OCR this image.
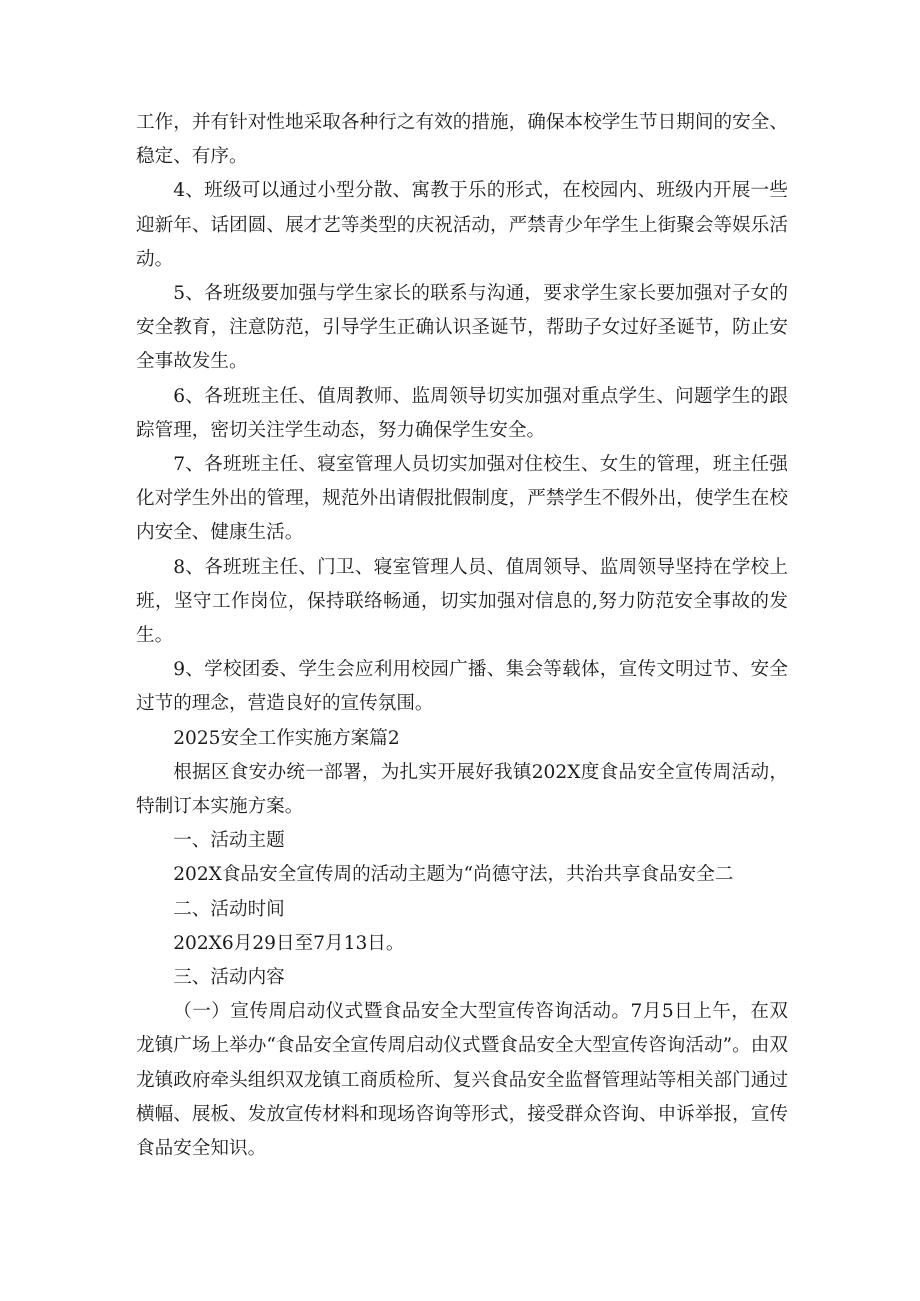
工作，并有针对性地采取各种行之有效的措施，确保本校学生节日期间的安全、稳定、有序。

4、班级可以通过小型分散、寓教于乐的形式，在校园内、班级内开展一些迎新年、话团圆、展才艺等类型的庆祝活动，严禁青少年学生上街聚会等娱乐活动。

5、各班级要加强与学生家长的联系与沟通，要求学生家长要加强对子女的安全教育，注意防范，引导学生正确认识圣诞节，帮助子女过好圣诞节，防止安全事故发生。

6、各班班主任、值周教师、监周领导切实加强对重点学生、问题学生的跟踪管理，密切关注学生动态，努力确保学生安全。

7、各班班主任、寝室管理人员切实加强对住校生、女生的管理，班主任强化对学生外出的管理，规范外出请假批假制度，严禁学生不假外出，使学生在校内安全、健康生活。

8、各班班主任、门卫、寝室管理人员、值周领导、监周领导坚持在学校上班，坚守工作岗位，保持联络畅通，切实加强对信息的,努力防范安全事故的发生。

9、学校团委、学生会应利用校园广播、集会等载体，宣传文明过节、安全过节的理念，营造良好的宣传氛围。

2025安全工作实施方案篇2

根据区食安办统一部署，为扎实开展好我镇202X度食品安全宣传周活动，特制订本实施方案。

一、活动主题

202X食品安全宣传周的活动主题为“尚德守法，共治共享食品安全二

二、活动时间

202X6月29日至7月13日。

三、活动内容

（一）宣传周启动仪式暨食品安全大型宣传咨询活动。7月5日上午，在双龙镇广场上举办“食品安全宣传周启动仪式暨食品安全大型宣传咨询活动”。由双龙镇政府牵头组织双龙镇工商质检所、复兴食品安全监督管理站等相关部门通过横幅、展板、发放宣传材料和现场咨询等形式，接受群众咨询、申诉举报，宣传食品安全知识。
